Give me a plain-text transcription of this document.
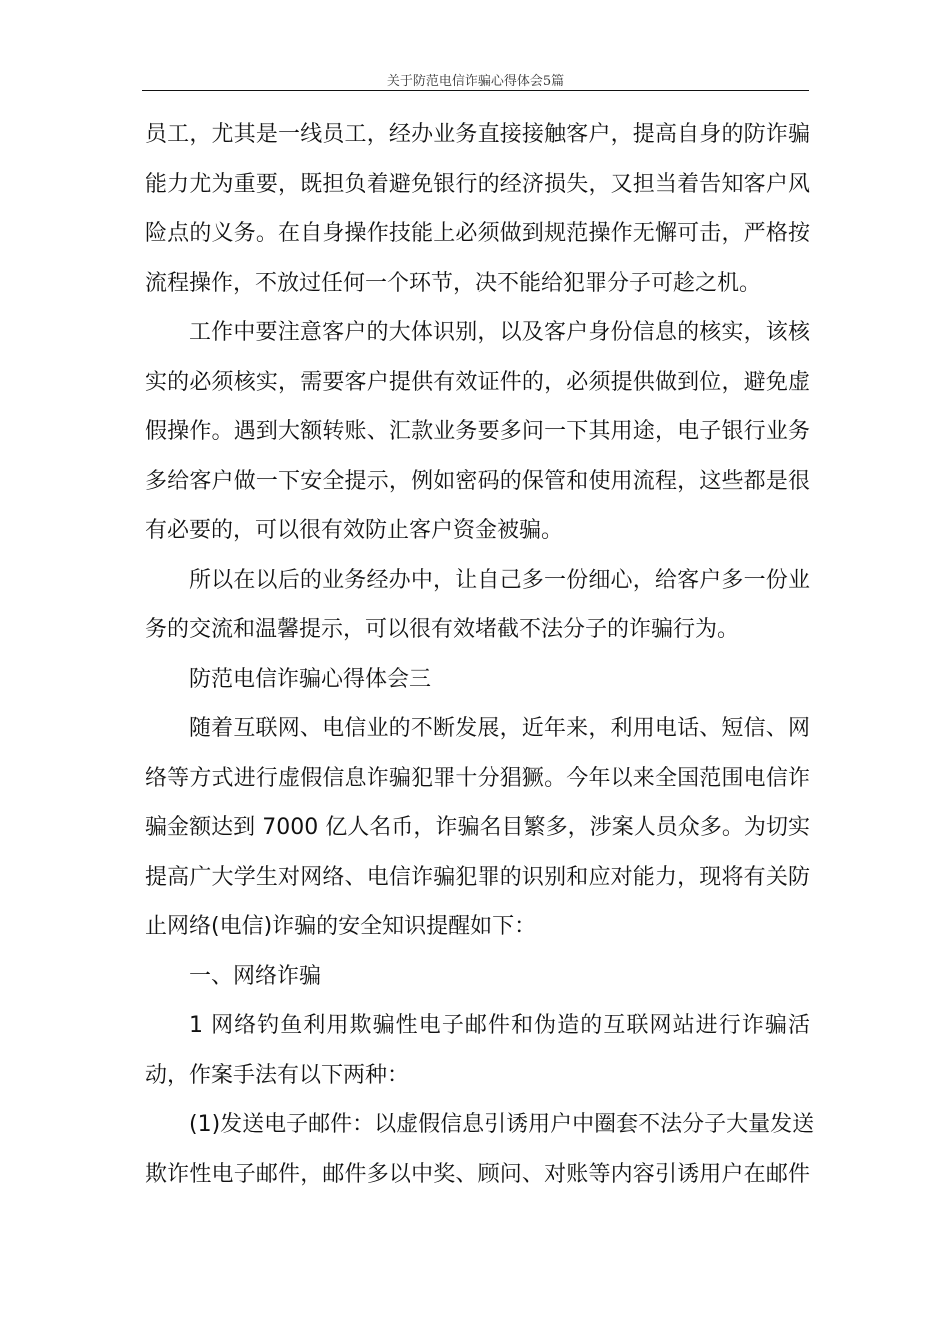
关于防范电信诈骗心得体会5篇
员工，尤其是一线员工，经办业务直接接触客户，提高自身的防诈骗
能力尤为重要，既担负着避免银行的经济损失，又担当着告知客户风
险点的义务。在自身操作技能上必须做到规范操作无懈可击，严格按
流程操作，不放过任何一个环节，决不能给犯罪分子可趁之机。
工作中要注意客户的大体识别，以及客户身份信息的核实，该核
实的必须核实，需要客户提供有效证件的，必须提供做到位，避免虚
假操作。遇到大额转账、汇款业务要多问一下其用途，电子银行业务
多给客户做一下安全提示，例如密码的保管和使用流程，这些都是很
有必要的，可以很有效防止客户资金被骗。
所以在以后的业务经办中，让自己多一份细心，给客户多一份业
务的交流和温馨提示，可以很有效堵截不法分子的诈骗行为。
防范电信诈骗心得体会三
随着互联网、电信业的不断发展，近年来，利用电话、短信、网
络等方式进行虚假信息诈骗犯罪十分猖獗。今年以来全国范围电信诈
骗金额达到 7000 亿人名币，诈骗名目繁多，涉案人员众多。为切实
提高广大学生对网络、电信诈骗犯罪的识别和应对能力，现将有关防
止网络(电信)诈骗的安全知识提醒如下：
一、网络诈骗
1 网络钓鱼利用欺骗性电子邮件和伪造的互联网站进行诈骗活
动，作案手法有以下两种：
(1)发送电子邮件：以虚假信息引诱用户中圈套不法分子大量发送
欺诈性电子邮件，邮件多以中奖、顾问、对账等内容引诱用户在邮件
